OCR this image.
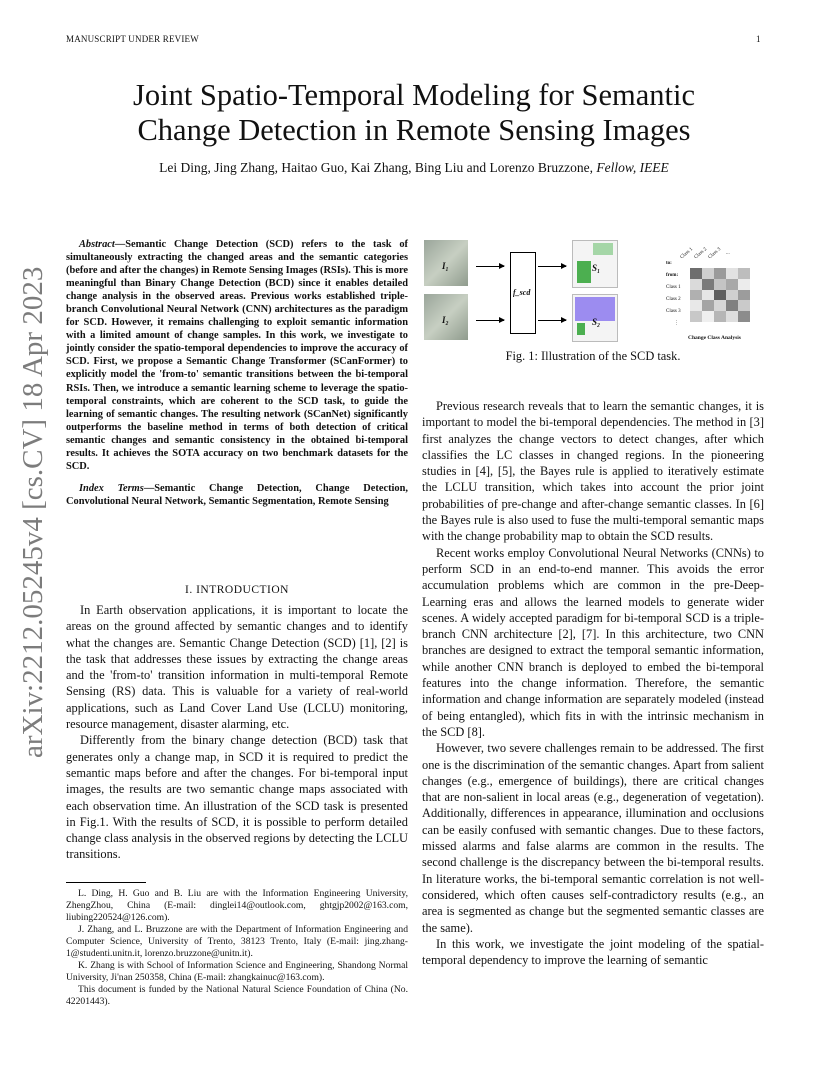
MANUSCRIPT UNDER REVIEW	1
Joint Spatio-Temporal Modeling for Semantic
Change Detection in Remote Sensing Images
Lei Ding, Jing Zhang, Haitao Guo, Kai Zhang, Bing Liu and Lorenzo Bruzzone, Fellow, IEEE
arXiv:2212.05245v4 [cs.CV] 18 Apr 2023

Abstract—Semantic Change Detection (SCD) refers to the task of simultaneously extracting the changed areas and the semantic categories (before and after the changes) in Remote Sensing Images (RSIs). This is more meaningful than Binary Change Detection (BCD) since it enables detailed change analysis in the observed areas. Previous works established triple-branch Convolutional Neural Network (CNN) architectures as the paradigm for SCD. However, it remains challenging to exploit semantic information with a limited amount of change samples. In this work, we investigate to jointly consider the spatio-temporal dependencies to improve the accuracy of SCD. First, we propose a Semantic Change Transformer (SCanFormer) to explicitly model the 'from-to' semantic transitions between the bi-temporal RSIs. Then, we introduce a semantic learning scheme to leverage the spatio-temporal constraints, which are coherent to the SCD task, to guide the learning of semantic changes. The resulting network (SCanNet) significantly outperforms the baseline method in terms of both detection of critical semantic changes and semantic consistency in the obtained bi-temporal results. It achieves the SOTA accuracy on two benchmark datasets for the SCD.

Index Terms—Semantic Change Detection, Change Detection, Convolutional Neural Network, Semantic Segmentation, Remote Sensing

I. INTRODUCTION

In Earth observation applications, it is important to locate the areas on the ground affected by semantic changes and to identify what the changes are. Semantic Change Detection (SCD) [1], [2] is the task that addresses these issues by extracting the change areas and the 'from-to' transition information in multi-temporal Remote Sensing (RS) data. This is valuable for a variety of real-world applications, such as Land Cover Land Use (LCLU) monitoring, resource management, disaster alarming, etc.

Differently from the binary change detection (BCD) task that generates only a change map, in SCD it is required to predict the semantic maps before and after the changes. For bi-temporal input images, the results are two semantic change maps associated with each observation time. An illustration of the SCD task is presented in Fig.1. With the results of SCD, it is possible to perform detailed change class analysis in the observed regions by detecting the LCLU transitions.

L. Ding, H. Guo and B. Liu are with the Information Engineering University, ZhengZhou, China (E-mail: dinglei14@outlook.com, ghtgjp2002@163.com, liubing220524@126.com).

J. Zhang, and L. Bruzzone are with the Department of Information Engineering and Computer Science, University of Trento, 38123 Trento, Italy (E-mail: jing.zhang-1@studenti.unitn.it, lorenzo.bruzzone@unitn.it).

K. Zhang is with School of Information Science and Engineering, Shandong Normal University, Ji'nan 250358, China (E-mail: zhangkainuc@163.com).

This document is funded by the National Natural Science Foundation of China (No. 42201443).

I₁
I₂
f_scd
S₁
S₂
to:
Class 1 Class 2 Class 3 ...
from:
Class 1
Class 2
Class 3
⋮
Change Class Analysis
Fig. 1: Illustration of the SCD task.

Previous research reveals that to learn the semantic changes, it is important to model the bi-temporal dependencies. The method in [3] first analyzes the change vectors to detect changes, after which classifies the LC classes in changed regions. In the pioneering studies in [4], [5], the Bayes rule is applied to iteratively estimate the LCLU transition, which takes into account the prior joint probabilities of pre-change and after-change semantic classes. In [6] the Bayes rule is also used to fuse the multi-temporal semantic maps with the change probability map to obtain the SCD results.

Recent works employ Convolutional Neural Networks (CNNs) to perform SCD in an end-to-end manner. This avoids the error accumulation problems which are common in the pre-Deep-Learning eras and allows the learned models to generate wider scenes. A widely accepted paradigm for bi-temporal SCD is a triple-branch CNN architecture [2], [7]. In this architecture, two CNN branches are designed to extract the temporal semantic information, while another CNN branch is deployed to embed the bi-temporal features into the change information. Therefore, the semantic information and change information are separately modeled (instead of being entangled), which fits in with the intrinsic mechanism in the SCD [8].

However, two severe challenges remain to be addressed. The first one is the discrimination of the semantic changes. Apart from salient changes (e.g., emergence of buildings), there are critical changes that are non-salient in local areas (e.g., degeneration of vegetation). Additionally, differences in appearance, illumination and occlusions can be easily confused with semantic changes. Due to these factors, missed alarms and false alarms are common in the results. The second challenge is the discrepancy between the bi-temporal results. In literature works, the bi-temporal semantic correlation is not well-considered, which often causes self-contradictory results (e.g., an area is segmented as change but the segmented semantic classes are the same).

In this work, we investigate the joint modeling of the spatial-temporal dependency to improve the learning of semantic
